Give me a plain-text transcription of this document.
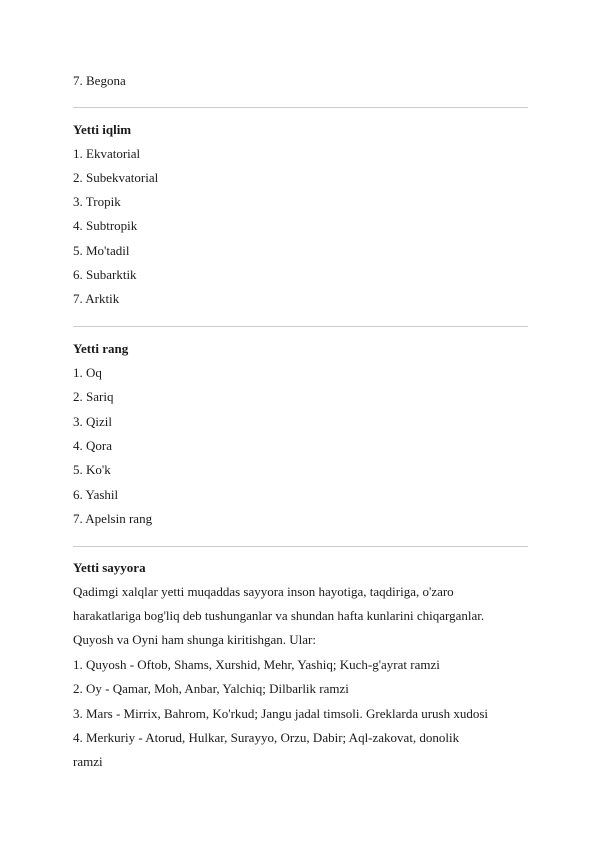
7. Begona
Yetti iqlim
1. Ekvatorial
2. Subekvatorial
3. Tropik
4. Subtropik
5. Mo'tadil
6. Subarktik
7. Arktik
Yetti rang
1. Oq
2. Sariq
3. Qizil
4. Qora
5. Ko'k
6. Yashil
7. Apelsin rang
Yetti sayyora
Qadimgi xalqlar yetti muqaddas sayyora inson hayotiga, taqdiriga, o'zaro
harakatlariga bog'liq deb tushunganlar va shundan hafta kunlarini chiqarganlar.
Quyosh va Oyni ham shunga kiritishgan. Ular:
1. Quyosh - Oftob, Shams, Xurshid, Mehr, Yashiq; Kuch-g'ayrat ramzi
2. Oy - Qamar, Moh, Anbar, Yalchiq; Dilbarlik ramzi
3. Mars - Mirrix, Bahrom, Ko'rkud; Jangu jadal timsoli. Greklarda urush xudosi
4. Merkuriy - Atorud, Hulkar, Surayyo, Orzu, Dabir; Aql-zakovat, donolik
ramzi
